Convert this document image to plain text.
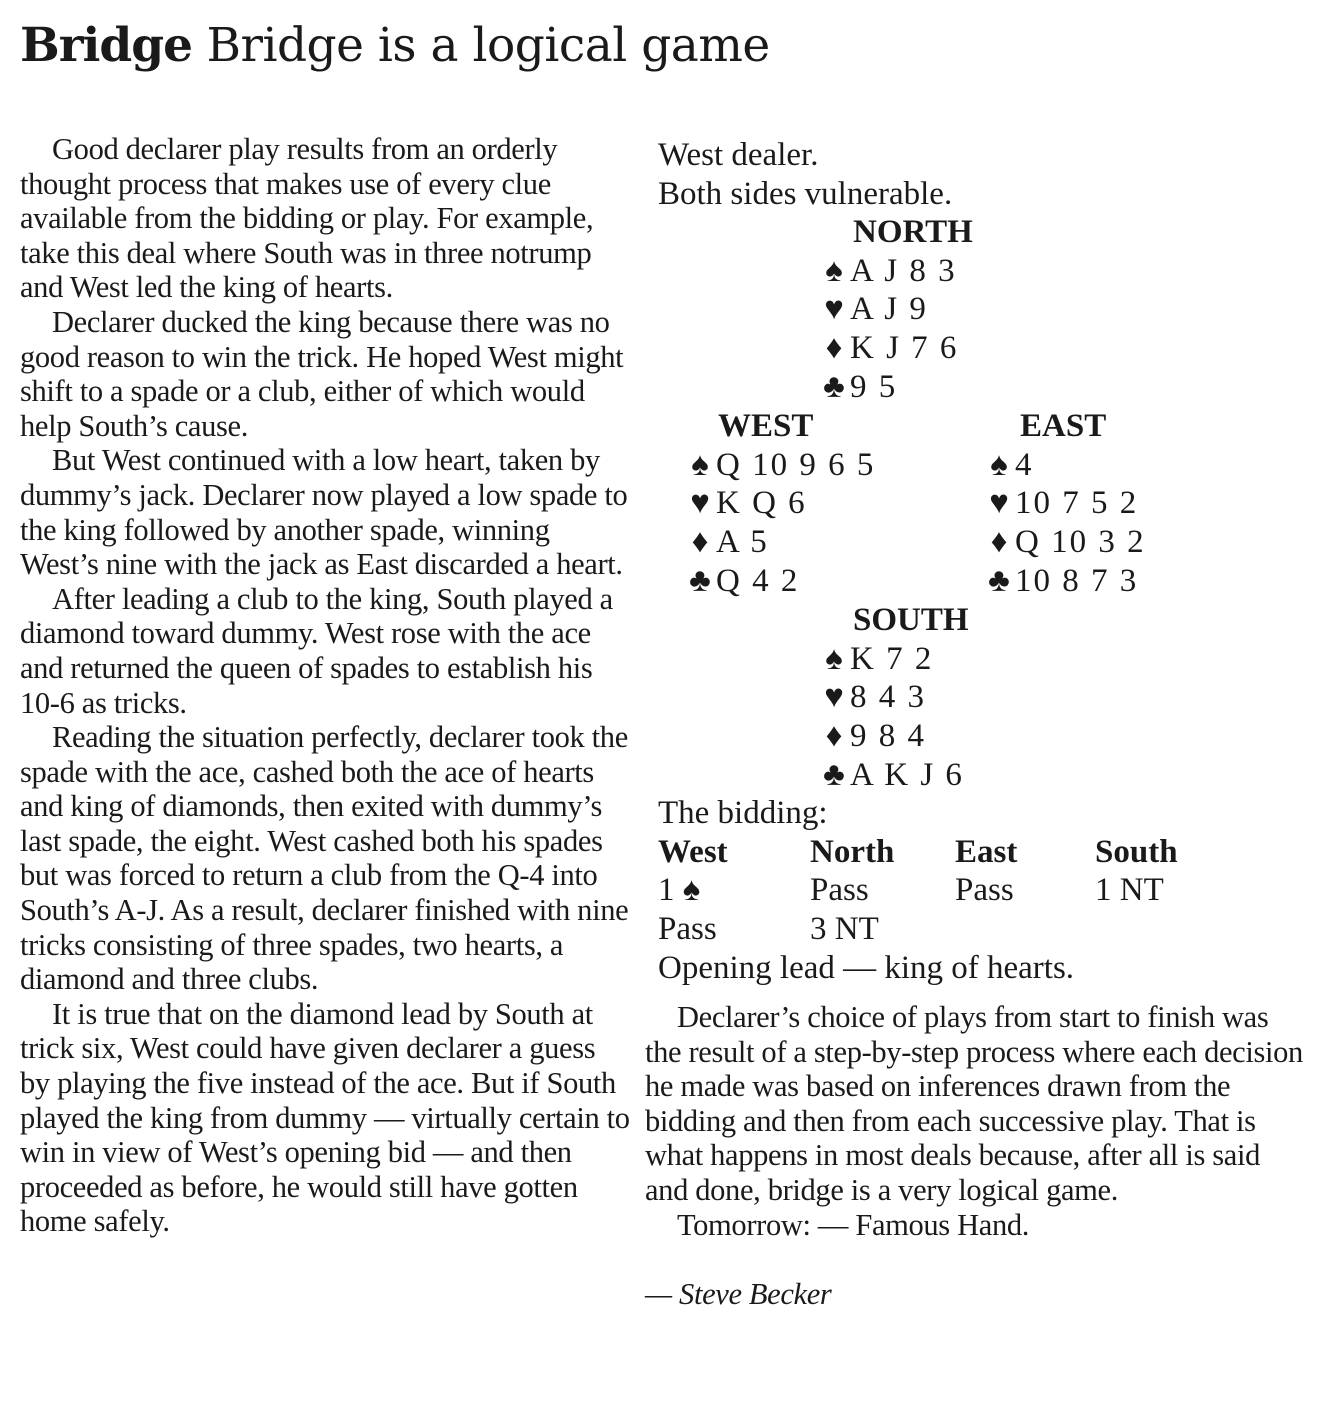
Bridge Bridge is a logical game

Good declarer play results from an orderly thought process that makes use of every clue available from the bidding or play. For example, take this deal where South was in three notrump and West led the king of hearts.

Declarer ducked the king because there was no good reason to win the trick. He hoped West might shift to a spade or a club, either of which would help South’s cause.

But West continued with a low heart, taken by dummy’s jack. Declarer now played a low spade to the king followed by another spade, winning West’s nine with the jack as East discarded a heart.

After leading a club to the king, South played a diamond toward dummy. West rose with the ace and returned the queen of spades to establish his 10-6 as tricks.

Reading the situation perfectly, declarer took the spade with the ace, cashed both the ace of hearts and king of diamonds, then exited with dummy’s last spade, the eight. West cashed both his spades but was forced to return a club from the Q-4 into South’s A-J. As a result, declarer finished with nine tricks consisting of three spades, two hearts, a diamond and three clubs.

It is true that on the diamond lead by South at trick six, West could have given declarer a guess by playing the five instead of the ace. But if South played the king from dummy — virtually certain to win in view of West’s opening bid — and then proceeded as before, he would still have gotten home safely.

West dealer.
Both sides vulnerable.
NORTH
♠ A J 8 3
♥ A J 9
♦ K J 7 6
♣9 5
WEST
♠ Q 10 9 6 5
♥ K Q 6
♦ A 5
♣Q 4 2
EAST
♠ 4
♥ 10 7 5 2
♦ Q 10 3 2
♣10 8 7 3
SOUTH
♠ K 7 2
♥ 8 4 3
♦ 9 8 4
♣A K J 6
The bidding:
West	North	East	South
1 ♠	Pass	Pass	1 NT
Pass	3 NT		
Opening lead — king of hearts.

Declarer’s choice of plays from start to finish was the result of a step-by-step process where each decision he made was based on inferences drawn from the bidding and then from each successive play. That is what happens in most deals because, after all is said and done, bridge is a very logical game.

Tomorrow: — Famous Hand.

— Steve Becker
